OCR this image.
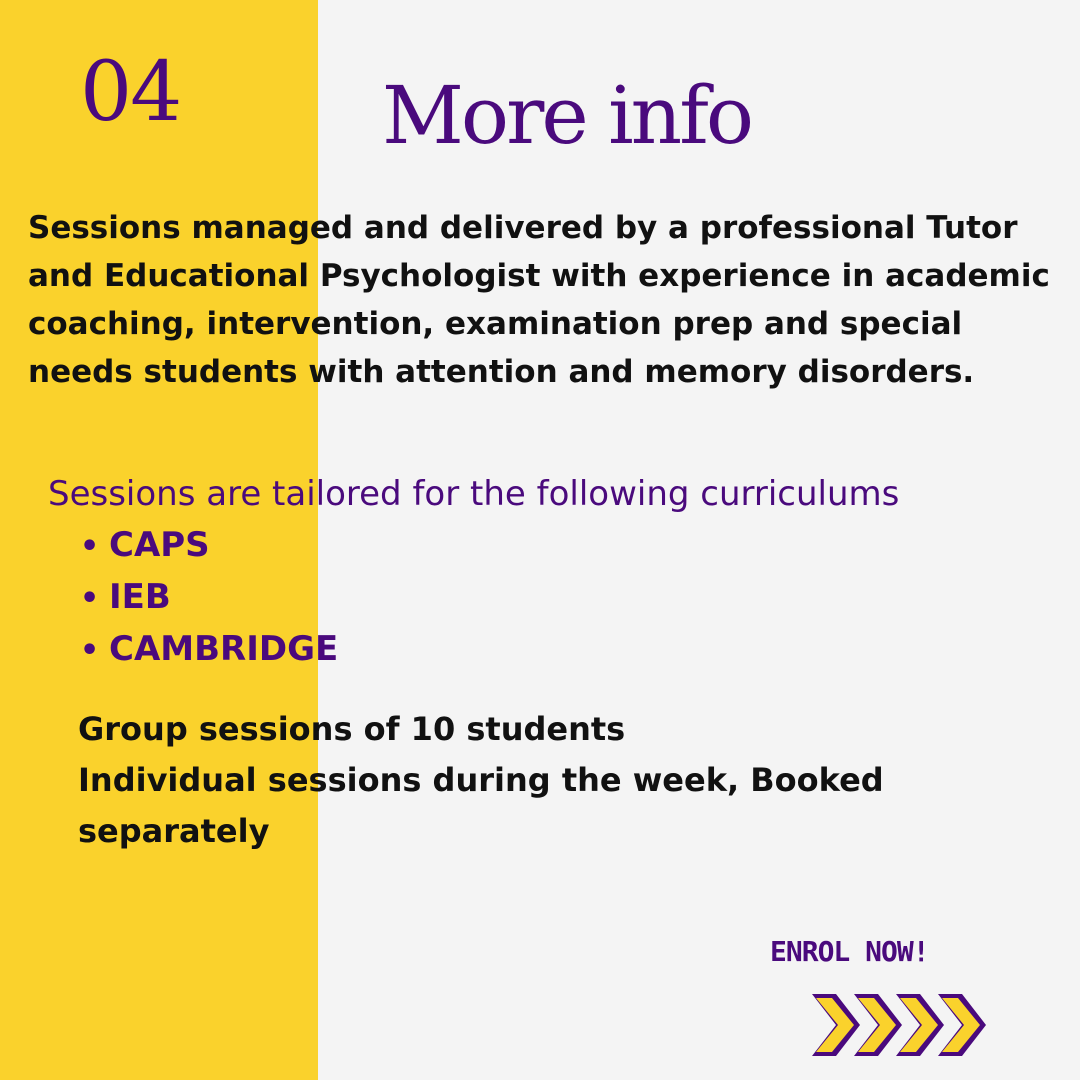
04	More info

Sessions managed and delivered by a professional Tutor and Educational Psychologist with experience in academic coaching, intervention, examination prep and special needs students with attention and memory disorders.

Sessions are tailored for the following curriculums
• CAPS
• IEB
• CAMBRIDGE
Group sessions of 10 students
Individual sessions during the week, Booked separately
ENROL NOW!
